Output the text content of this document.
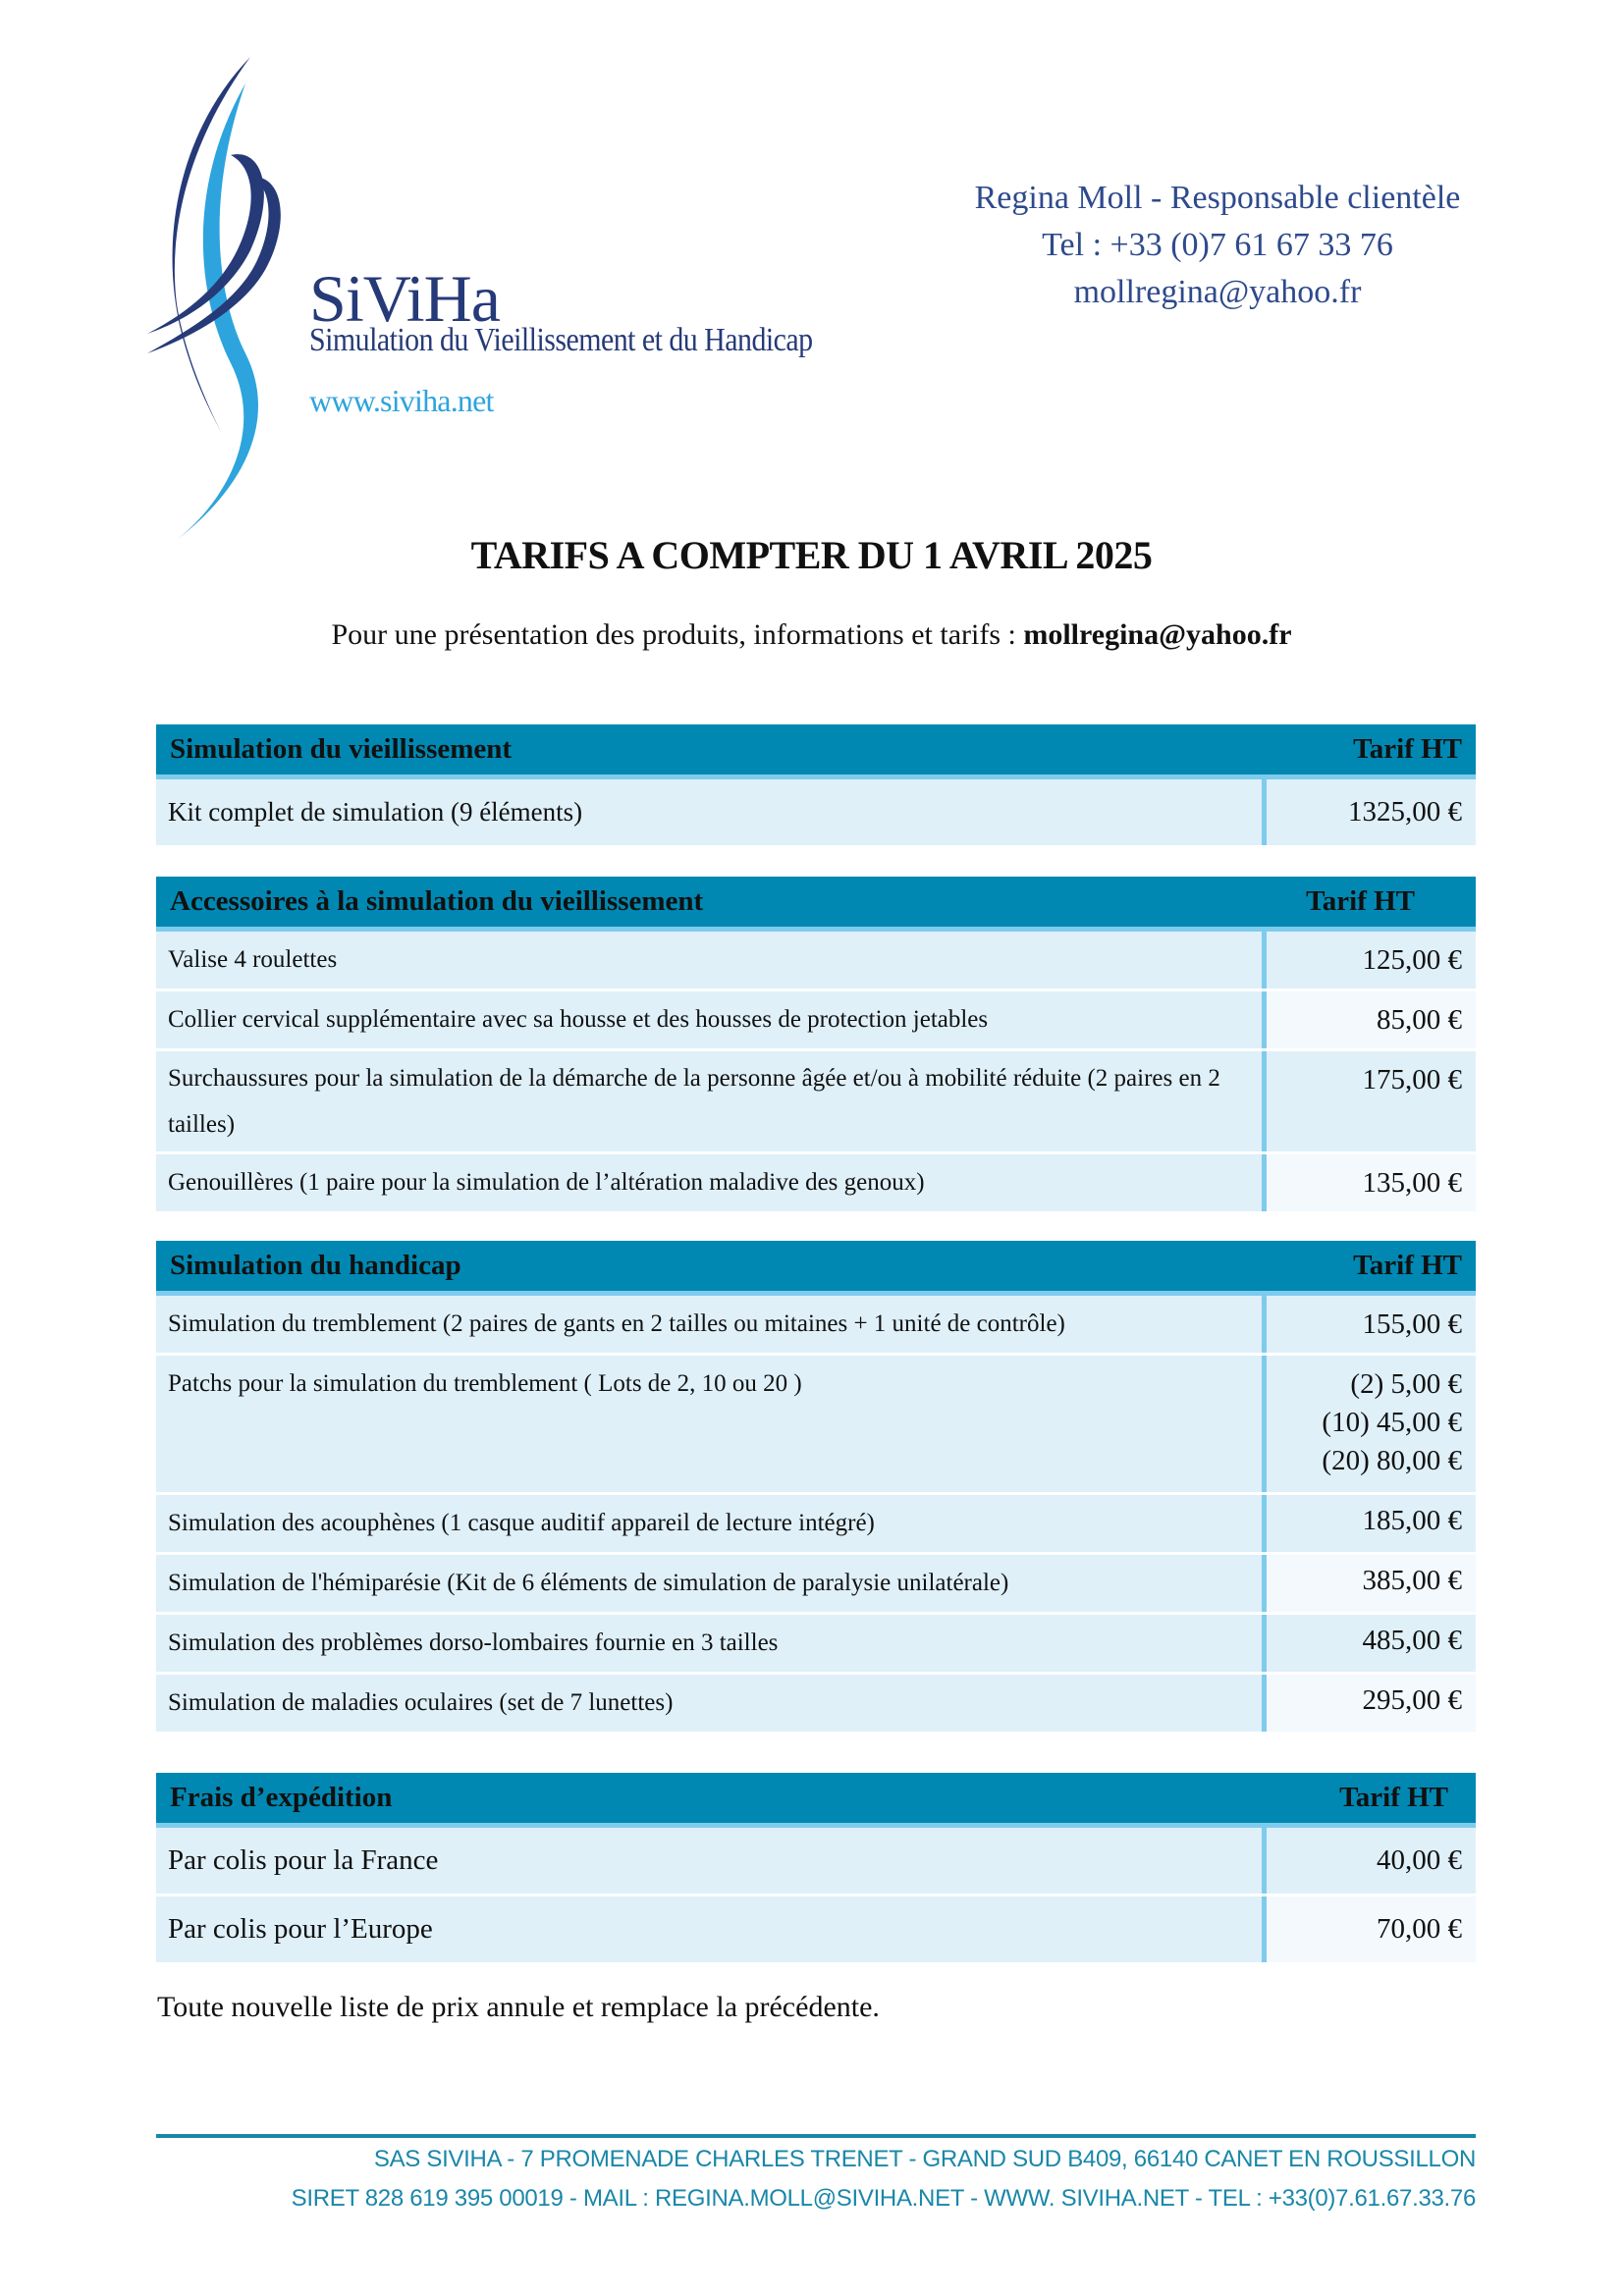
SiViHa
Simulation du Vieillissement et du Handicap
www.siviha.net
Regina Moll - Responsable clientèle
Tel : +33 (0)7 61 67 33 76
mollregina@yahoo.fr
TARIFS A COMPTER DU 1 AVRIL 2025

Pour une présentation des produits, informations et tarifs : mollregina@yahoo.fr

Simulation du vieillissement	Tarif HT
Kit complet de simulation (9 éléments)	1325,00 €
Accessoires à la simulation du vieillissement	Tarif HT
Valise 4 roulettes	125,00 €
Collier cervical supplémentaire avec sa housse et des housses de protection jetables	85,00 €
Surchaussures pour la simulation de la démarche de la personne âgée et/ou à mobilité réduite (2 paires en 2 tailles)
175,00 €
Genouillères (1 paire pour la simulation de l’altération maladive des genoux)	135,00 €
Simulation du handicap	Tarif HT
Simulation du tremblement (2 paires de gants en 2 tailles ou mitaines + 1 unité de contrôle)	155,00 €
Patchs pour la simulation du tremblement ( Lots de 2, 10 ou 20 )	(2) 5,00 €
(10) 45,00 €
(20) 80,00 €
Simulation des acouphènes (1 casque auditif appareil de lecture intégré)	185,00 €
Simulation de l'hémiparésie (Kit de 6 éléments de simulation de paralysie unilatérale)	385,00 €
Simulation des problèmes dorso-lombaires fournie en 3 tailles	485,00 €
Simulation de maladies oculaires (set de 7 lunettes)	295,00 €
Frais d’expédition	Tarif HT
Par colis pour la France	40,00 €
Par colis pour l’Europe	70,00 €

Toute nouvelle liste de prix annule et remplace la précédente.

SAS SIVIHA - 7 PROMENADE CHARLES TRENET - GRAND SUD B409, 66140 CANET EN ROUSSILLON
SIRET 828 619 395 00019 - MAIL : REGINA.MOLL@SIVIHA.NET - WWW. SIVIHA.NET - TEL : +33(0)7.61.67.33.76
